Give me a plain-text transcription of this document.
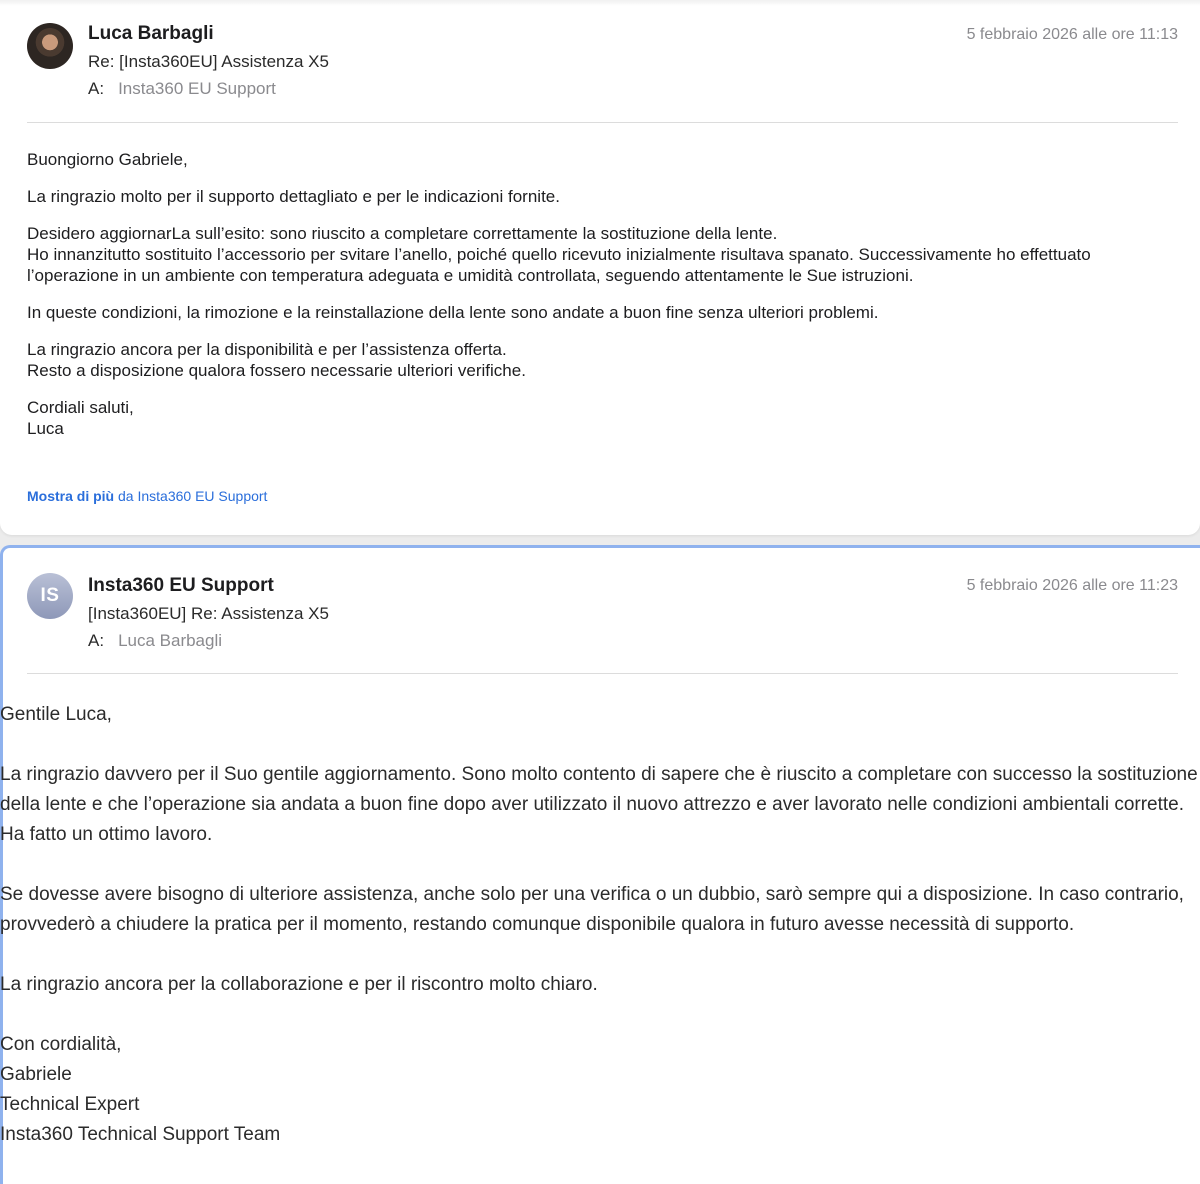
Luca Barbagli
Re: [Insta360EU] Assistenza X5
A: Insta360 EU Support
5 febbraio 2026 alle ore 11:13

Buongiorno Gabriele,

La ringrazio molto per il supporto dettagliato e per le indicazioni fornite.

Desidero aggiornarLa sull’esito: sono riuscito a completare correttamente la sostituzione della lente.
Ho innanzitutto sostituito l’accessorio per svitare l’anello, poiché quello ricevuto inizialmente risultava spanato. Successivamente ho effettuato l’operazione in un ambiente con temperatura adeguata e umidità controllata, seguendo attentamente le Sue istruzioni.

In queste condizioni, la rimozione e la reinstallazione della lente sono andate a buon fine senza ulteriori problemi.

La ringrazio ancora per la disponibilità e per l’assistenza offerta.
Resto a disposizione qualora fossero necessarie ulteriori verifiche.

Cordiali saluti,
Luca

Mostra di più da Insta360 EU Support
IS	Insta360 EU Support
[Insta360EU] Re: Assistenza X5
A: Luca Barbagli
5 febbraio 2026 alle ore 11:23

Gentile Luca,

La ringrazio davvero per il Suo gentile aggiornamento. Sono molto contento di sapere che è riuscito a completare con successo la sostituzione della lente e che l’operazione sia andata a buon fine dopo aver utilizzato il nuovo attrezzo e aver lavorato nelle condizioni ambientali corrette. Ha fatto un ottimo lavoro.

Se dovesse avere bisogno di ulteriore assistenza, anche solo per una verifica o un dubbio, sarò sempre qui a disposizione. In caso contrario, provvederò a chiudere la pratica per il momento, restando comunque disponibile qualora in futuro avesse necessità di supporto.

La ringrazio ancora per la collaborazione e per il riscontro molto chiaro.

Con cordialità,
Gabriele
Technical Expert
Insta360 Technical Support Team
